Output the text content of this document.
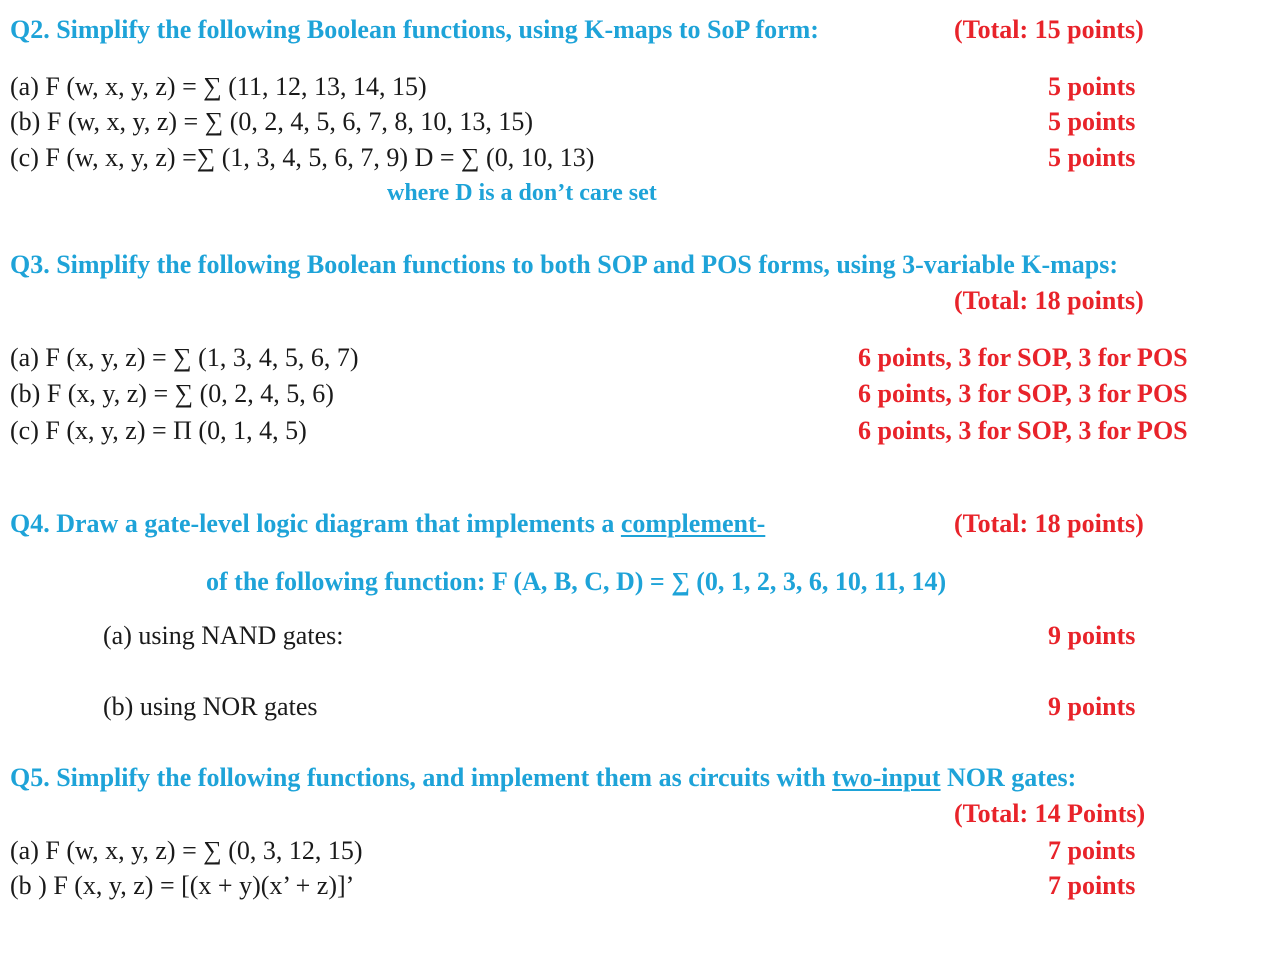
Q2. Simplify the following Boolean functions, using K-maps to SoP form:	(Total: 15 points)
(a) F (w, x, y, z) = ∑ (11, 12, 13, 14, 15)	5 points
(b) F (w, x, y, z) = ∑ (0, 2, 4, 5, 6, 7, 8, 10, 13, 15)	5 points
(c) F (w, x, y, z) =∑ (1, 3, 4, 5, 6, 7, 9) D = ∑ (0, 10, 13)	5 points
where D is a don’t care set
Q3. Simplify the following Boolean functions to both SOP and POS forms, using 3-variable K-maps:
(Total: 18 points)
(a) F (x, y, z) = ∑ (1, 3, 4, 5, 6, 7)	6 points, 3 for SOP, 3 for POS
(b) F (x, y, z) = ∑ (0, 2, 4, 5, 6)	6 points, 3 for SOP, 3 for POS
(c) F (x, y, z) = Π (0, 1, 4, 5)	6 points, 3 for SOP, 3 for POS
Q4. Draw a gate-level logic diagram that implements a complement-	(Total: 18 points)
of the following function: F (A, B, C, D) = ∑ (0, 1, 2, 3, 6, 10, 11, 14)
(a) using NAND gates:	9 points
(b) using NOR gates	9 points
Q5. Simplify the following functions, and implement them as circuits with two-input NOR gates:
(Total: 14 Points)
(a) F (w, x, y, z) = ∑ (0, 3, 12, 15)	7 points
(b ) F (x, y, z) = [(x + y)(x’ + z)]’	7 points
